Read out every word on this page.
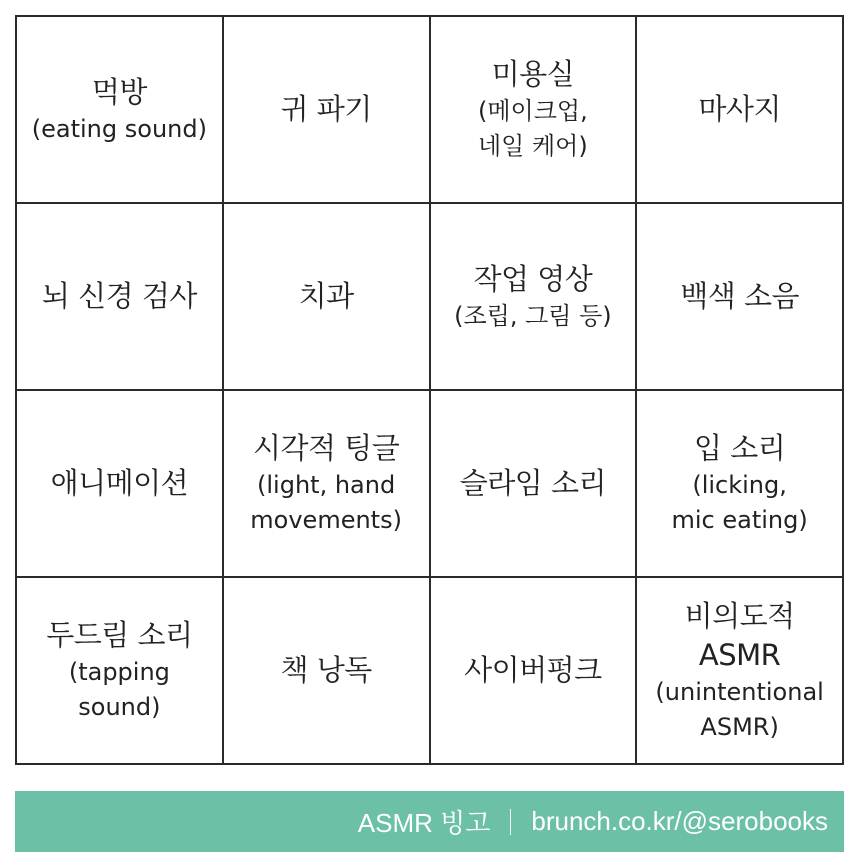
먹방
(eating sound)
귀 파기
미용실
(메이크업,
네일 케어)
마사지
뇌 신경 검사	치과
작업 영상
(조립, 그림 등)
백색 소음
애니메이션
시각적 팅글
(light, hand
movements)
슬라임 소리
입 소리
(licking,
mic eating)
두드림 소리
(tapping
sound)
책 낭독	사이버펑크
비의도적
ASMR
(unintentional
ASMR)
ASMR 빙고 brunch.co.kr/@serobooks
